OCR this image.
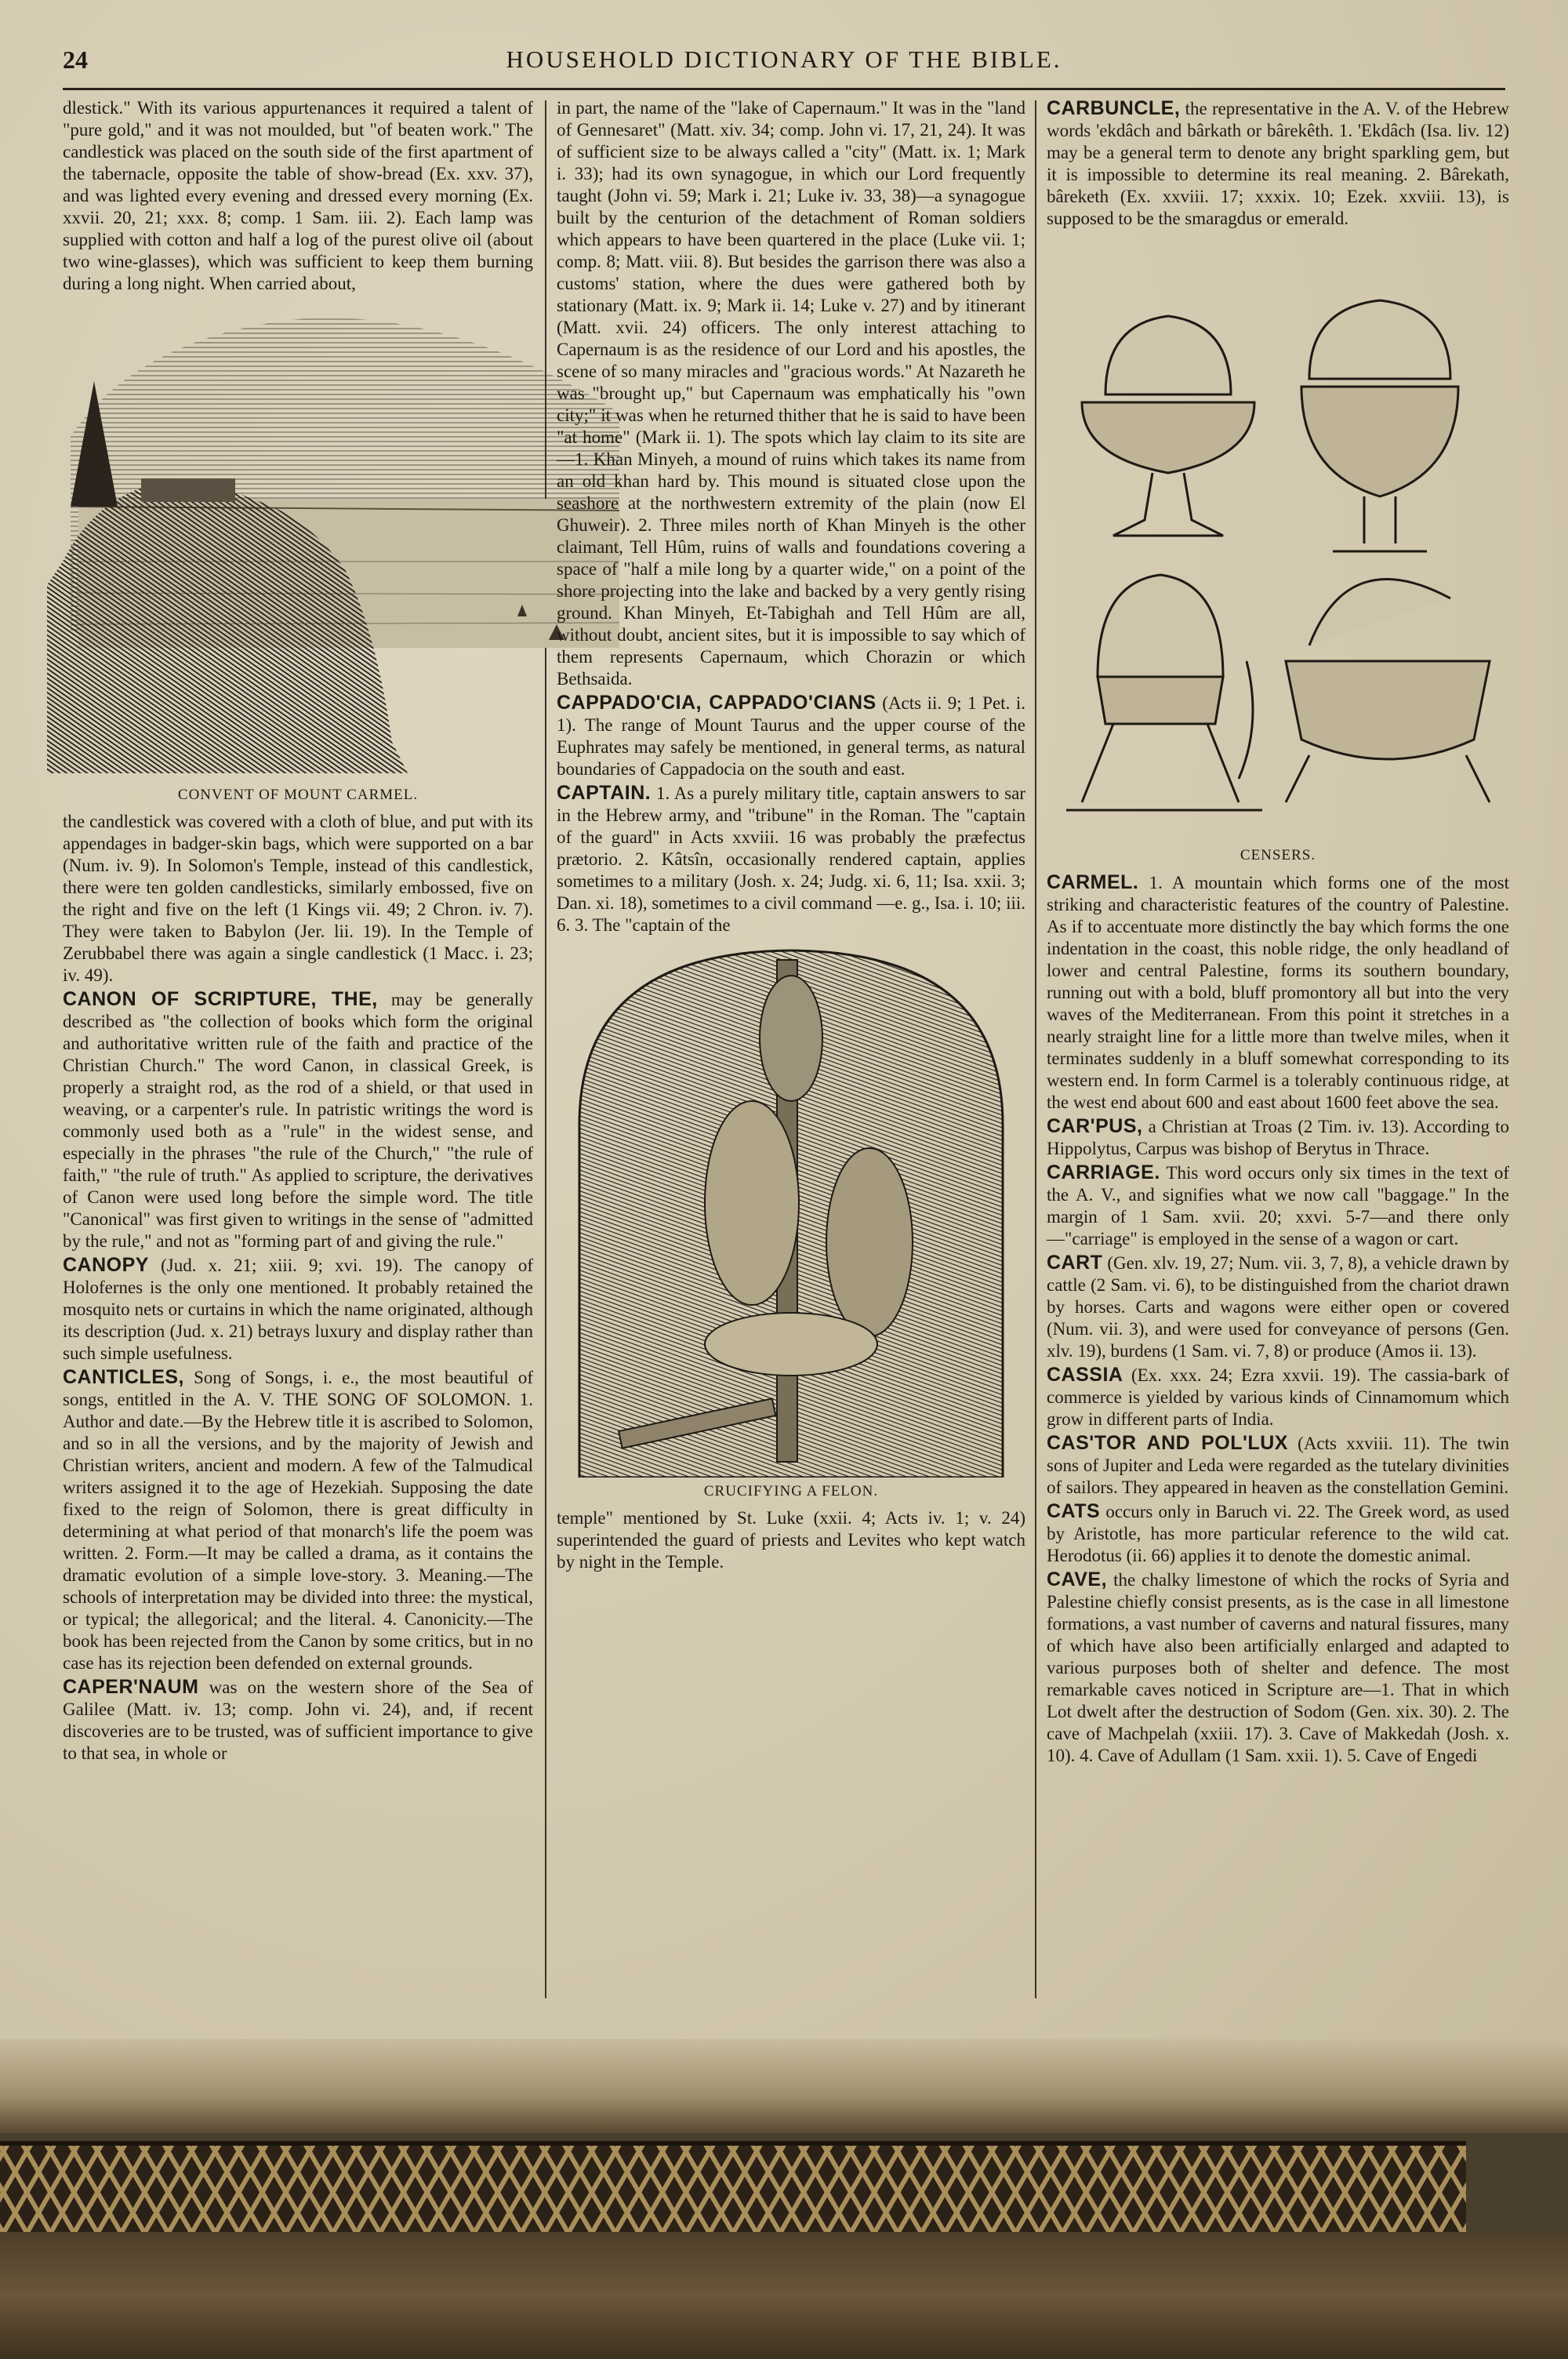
24	HOUSEHOLD DICTIONARY OF THE BIBLE.

dlestick." With its various appurtenances it required a talent of "pure gold," and it was not moulded, but "of beaten work." The candlestick was placed on the south side of the first apartment of the tabernacle, opposite the table of show-bread (Ex. xxv. 37), and was lighted every evening and dressed every morning (Ex. xxvii. 20, 21; xxx. 8; comp. 1 Sam. iii. 2). Each lamp was supplied with cotton and half a log of the purest olive oil (about two wine-glasses), which was sufficient to keep them burning during a long night. When carried about,

CONVENT OF MOUNT CARMEL.

the candlestick was covered with a cloth of blue, and put with its appendages in badger-skin bags, which were supported on a bar (Num. iv. 9). In Solomon's Temple, instead of this candlestick, there were ten golden candlesticks, similarly embossed, five on the right and five on the left (1 Kings vii. 49; 2 Chron. iv. 7). They were taken to Babylon (Jer. lii. 19). In the Temple of Zerubbabel there was again a single candlestick (1 Macc. i. 23; iv. 49).

CANON OF SCRIPTURE, THE, may be generally described as "the collection of books which form the original and authoritative written rule of the faith and practice of the Christian Church." The word Canon, in classical Greek, is properly a straight rod, as the rod of a shield, or that used in weaving, or a carpenter's rule. In patristic writings the word is commonly used both as a "rule" in the widest sense, and especially in the phrases "the rule of the Church," "the rule of faith," "the rule of truth." As applied to scripture, the derivatives of Canon were used long before the simple word. The title "Canonical" was first given to writings in the sense of "admitted by the rule," and not as "forming part of and giving the rule."

CANOPY (Jud. x. 21; xiii. 9; xvi. 19). The canopy of Holofernes is the only one mentioned. It probably retained the mosquito nets or curtains in which the name originated, although its description (Jud. x. 21) betrays luxury and display rather than such simple usefulness.

CANTICLES, Song of Songs, i. e., the most beautiful of songs, entitled in the A. V. THE SONG OF SOLOMON. 1. Author and date.—By the Hebrew title it is ascribed to Solomon, and so in all the versions, and by the majority of Jewish and Christian writers, ancient and modern. A few of the Talmudical writers assigned it to the age of Hezekiah. Supposing the date fixed to the reign of Solomon, there is great difficulty in determining at what period of that monarch's life the poem was written. 2. Form.—It may be called a drama, as it contains the dramatic evolution of a simple love-story. 3. Meaning.—The schools of interpretation may be divided into three: the mystical, or typical; the allegorical; and the literal. 4. Canonicity.—The book has been rejected from the Canon by some critics, but in no case has its rejection been defended on external grounds.

CAPER'NAUM was on the western shore of the Sea of Galilee (Matt. iv. 13; comp. John vi. 24), and, if recent discoveries are to be trusted, was of sufficient importance to give to that sea, in whole or

in part, the name of the "lake of Capernaum." It was in the "land of Gennesaret" (Matt. xiv. 34; comp. John vi. 17, 21, 24). It was of sufficient size to be always called a "city" (Matt. ix. 1; Mark i. 33); had its own synagogue, in which our Lord frequently taught (John vi. 59; Mark i. 21; Luke iv. 33, 38)—a synagogue built by the centurion of the detachment of Roman soldiers which appears to have been quartered in the place (Luke vii. 1; comp. 8; Matt. viii. 8). But besides the garrison there was also a customs' station, where the dues were gathered both by stationary (Matt. ix. 9; Mark ii. 14; Luke v. 27) and by itinerant (Matt. xvii. 24) officers. The only interest attaching to Capernaum is as the residence of our Lord and his apostles, the scene of so many miracles and "gracious words." At Nazareth he was "brought up," but Capernaum was emphatically his "own city;" it was when he returned thither that he is said to have been "at home" (Mark ii. 1). The spots which lay claim to its site are—1. Khan Minyeh, a mound of ruins which takes its name from an old khan hard by. This mound is situated close upon the seashore at the northwestern extremity of the plain (now El Ghuweir). 2. Three miles north of Khan Minyeh is the other claimant, Tell Hûm, ruins of walls and foundations covering a space of "half a mile long by a quarter wide," on a point of the shore projecting into the lake and backed by a very gently rising ground. Khan Minyeh, Et-Tabighah and Tell Hûm are all, without doubt, ancient sites, but it is impossible to say which of them represents Capernaum, which Chorazin or which Bethsaida.

CAPPADO'CIA, CAPPADO'CIANS (Acts ii. 9; 1 Pet. i. 1). The range of Mount Taurus and the upper course of the Euphrates may safely be mentioned, in general terms, as natural boundaries of Cappadocia on the south and east.

CAPTAIN. 1. As a purely military title, captain answers to sar in the Hebrew army, and "tribune" in the Roman. The "captain of the guard" in Acts xxviii. 16 was probably the præfectus prætorio. 2. Kâtsîn, occasionally rendered captain, applies sometimes to a military (Josh. x. 24; Judg. xi. 6, 11; Isa. xxii. 3; Dan. xi. 18), sometimes to a civil command —e. g., Isa. i. 10; iii. 6. 3. The "captain of the

CRUCIFYING A FELON.

temple" mentioned by St. Luke (xxii. 4; Acts iv. 1; v. 24) superintended the guard of priests and Levites who kept watch by night in the Temple.

CARBUNCLE, the representative in the A. V. of the Hebrew words 'ekdâch and bârkath or bârekêth. 1. 'Ekdâch (Isa. liv. 12) may be a general term to denote any bright sparkling gem, but it is impossible to determine its real meaning. 2. Bârekath, bâreketh (Ex. xxviii. 17; xxxix. 10; Ezek. xxviii. 13), is supposed to be the smaragdus or emerald.

CENSERS.

CARMEL. 1. A mountain which forms one of the most striking and characteristic features of the country of Palestine. As if to accentuate more distinctly the bay which forms the one indentation in the coast, this noble ridge, the only headland of lower and central Palestine, forms its southern boundary, running out with a bold, bluff promontory all but into the very waves of the Mediterranean. From this point it stretches in a nearly straight line for a little more than twelve miles, when it terminates suddenly in a bluff somewhat corresponding to its western end. In form Carmel is a tolerably continuous ridge, at the west end about 600 and east about 1600 feet above the sea.

CAR'PUS, a Christian at Troas (2 Tim. iv. 13). According to Hippolytus, Carpus was bishop of Berytus in Thrace.

CARRIAGE. This word occurs only six times in the text of the A. V., and signifies what we now call "baggage." In the margin of 1 Sam. xvii. 20; xxvi. 5-7—and there only—"carriage" is employed in the sense of a wagon or cart.

CART (Gen. xlv. 19, 27; Num. vii. 3, 7, 8), a vehicle drawn by cattle (2 Sam. vi. 6), to be distinguished from the chariot drawn by horses. Carts and wagons were either open or covered (Num. vii. 3), and were used for conveyance of persons (Gen. xlv. 19), burdens (1 Sam. vi. 7, 8) or produce (Amos ii. 13).

CASSIA (Ex. xxx. 24; Ezra xxvii. 19). The cassia-bark of commerce is yielded by various kinds of Cinnamomum which grow in different parts of India.

CAS'TOR AND POL'LUX (Acts xxviii. 11). The twin sons of Jupiter and Leda were regarded as the tutelary divinities of sailors. They appeared in heaven as the constellation Gemini.

CATS occurs only in Baruch vi. 22. The Greek word, as used by Aristotle, has more particular reference to the wild cat. Herodotus (ii. 66) applies it to denote the domestic animal.

CAVE, the chalky limestone of which the rocks of Syria and Palestine chiefly consist presents, as is the case in all limestone formations, a vast number of caverns and natural fissures, many of which have also been artificially enlarged and adapted to various purposes both of shelter and defence. The most remarkable caves noticed in Scripture are—1. That in which Lot dwelt after the destruction of Sodom (Gen. xix. 30). 2. The cave of Machpelah (xxiii. 17). 3. Cave of Makkedah (Josh. x. 10). 4. Cave of Adullam (1 Sam. xxii. 1). 5. Cave of Engedi
